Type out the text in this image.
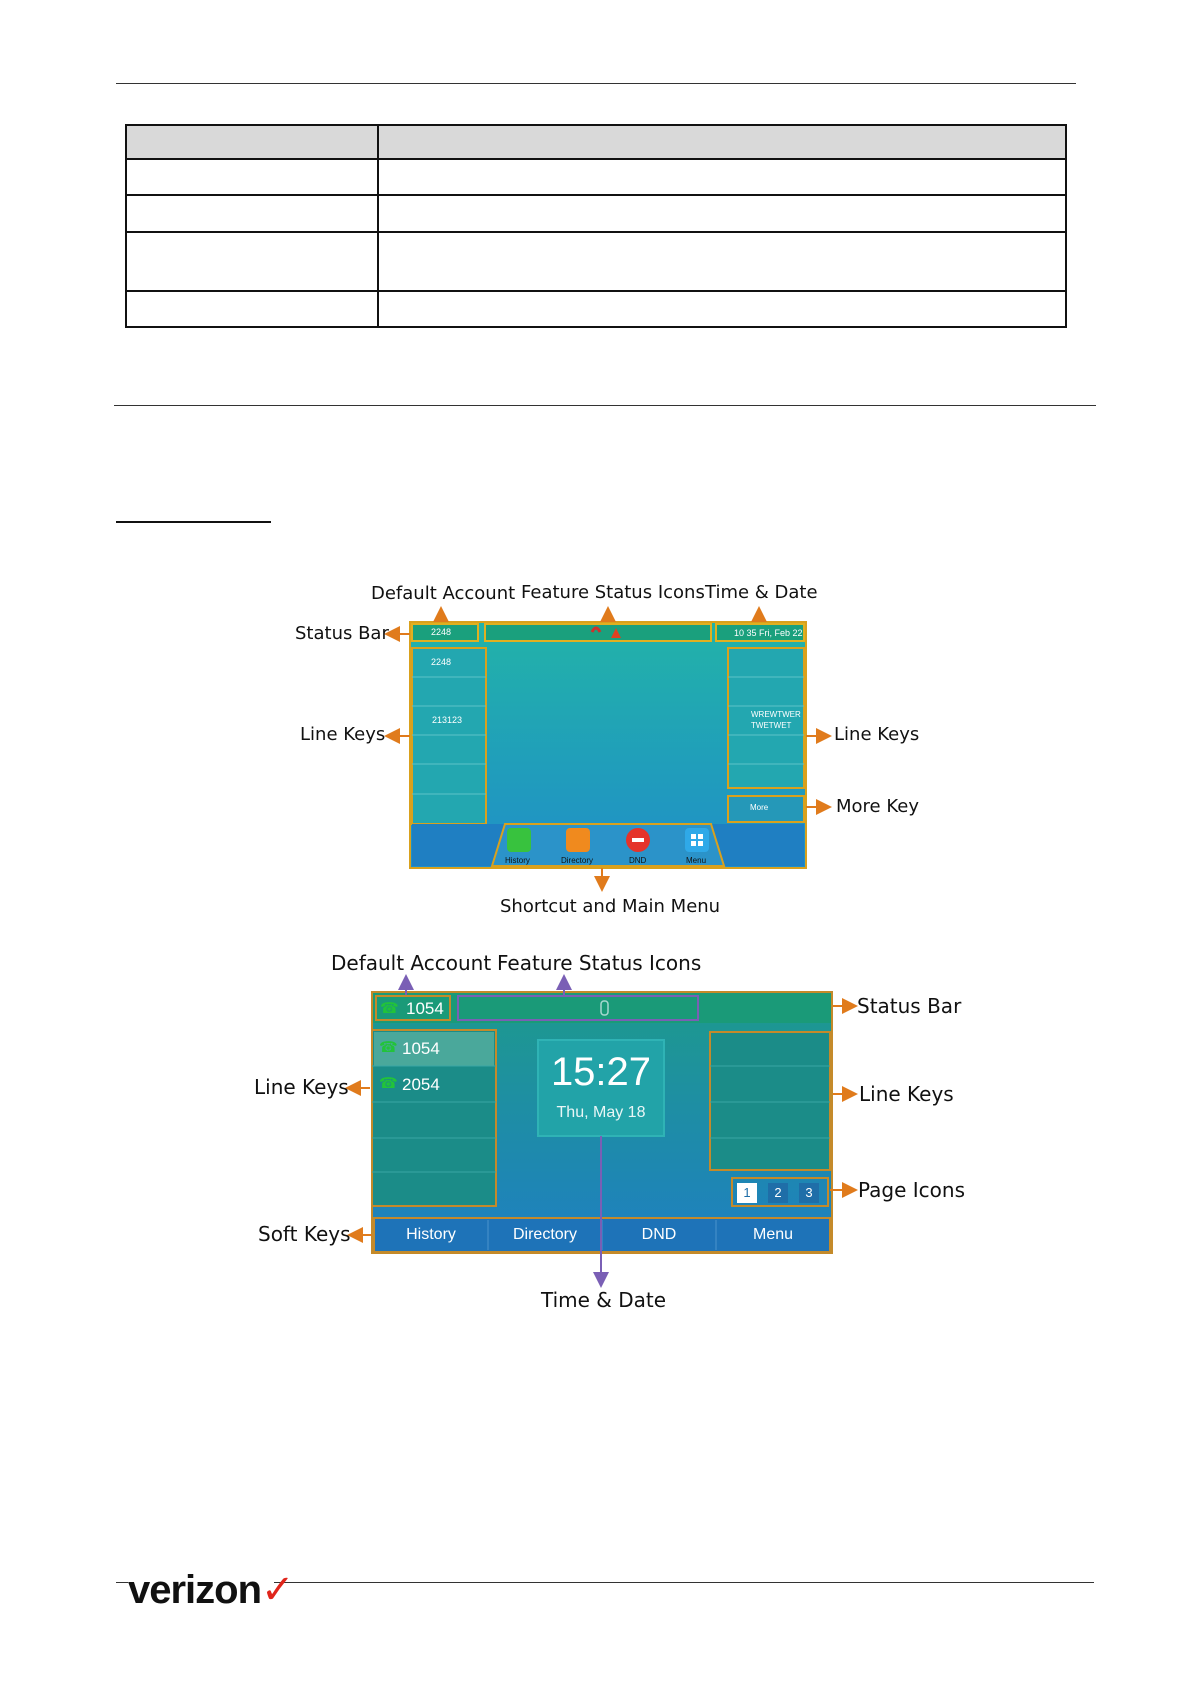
2248	10 35 Fri, Feb 22
2248
213123
WREWTWER
TWETWET
More
History	Directory	DND	Menu
Default Account Feature Status Icons Time & Date
Status Bar
Line Keys	Line Keys
More Key
Shortcut and Main Menu
☎ 1054
☎ 1054
☎ 2054	15:27
Thu, May 18
1	2	3
History	Directory	DND	Menu
Default Account Feature Status Icons
Status Bar
Line Keys	Line Keys
Page Icons
Soft Keys
Time & Date
verizon✓
